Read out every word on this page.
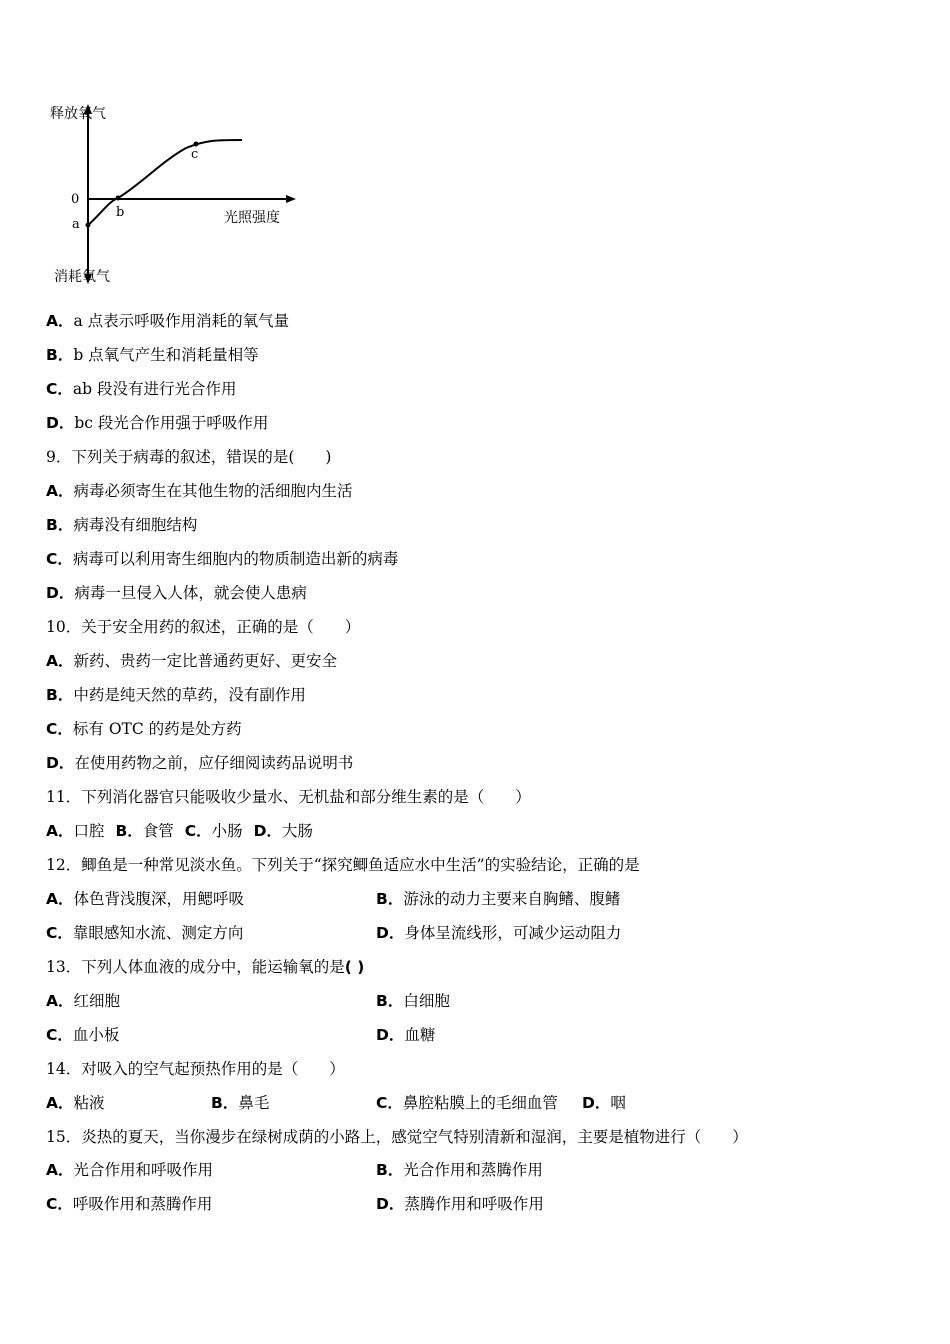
释放氧气
消耗氧气
光照强度
0
a
b
c
A．a 点表示呼吸作用消耗的氧气量
B．b 点氧气产生和消耗量相等
C．ab 段没有进行光合作用
D．bc 段光合作用强于呼吸作用
9．下列关于病毒的叙述，错误的是(　　)
A．病毒必须寄生在其他生物的活细胞内生活
B．病毒没有细胞结构
C．病毒可以利用寄生细胞内的物质制造出新的病毒
D．病毒一旦侵入人体，就会使人患病
10．关于安全用药的叙述，正确的是（　　）
A．新药、贵药一定比普通药更好、更安全
B．中药是纯天然的草药，没有副作用
C．标有 OTC 的药是处方药
D．在使用药物之前，应仔细阅读药品说明书
11．下列消化器官只能吸收少量水、无机盐和部分维生素的是（　　）
A．口腔 B．食管 C．小肠 D．大肠
12．鲫鱼是一种常见淡水鱼。下列关于“探究鲫鱼适应水中生活”的实验结论，正确的是
A．体色背浅腹深，用鳃呼吸	B．游泳的动力主要来自胸鳍、腹鳍
C．靠眼感知水流、测定方向	D．身体呈流线形，可减少运动阻力
13．下列人体血液的成分中，能运输氧的是( )
A．红细胞	B．白细胞
C．血小板	D．血糖
14．对吸入的空气起预热作用的是（　　）
A．粘液	B．鼻毛	C．鼻腔粘膜上的毛细血管 D．咽
15．炎热的夏天，当你漫步在绿树成荫的小路上，感觉空气特别清新和湿润，主要是植物进行（　　）
A．光合作用和呼吸作用	B．光合作用和蒸腾作用
C．呼吸作用和蒸腾作用	D．蒸腾作用和呼吸作用
